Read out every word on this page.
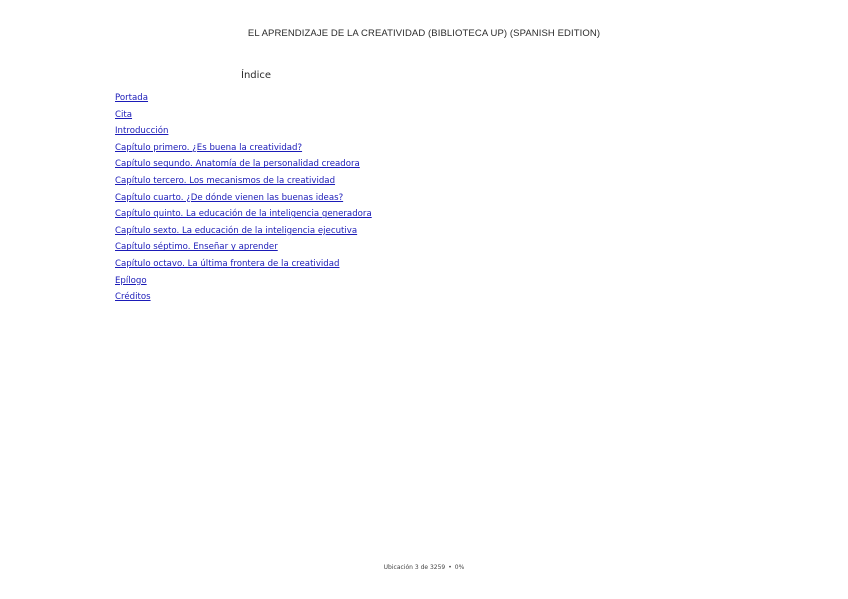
EL APRENDIZAJE DE LA CREATIVIDAD (BIBLIOTECA UP) (SPANISH EDITION)
Índice
Portada
Cita
Introducción
Capítulo primero. ¿Es buena la creatividad?
Capítulo segundo. Anatomía de la personalidad creadora
Capítulo tercero. Los mecanismos de la creatividad
Capítulo cuarto. ¿De dónde vienen las buenas ideas?
Capítulo quinto. La educación de la inteligencia generadora
Capítulo sexto. La educación de la inteligencia ejecutiva
Capítulo séptimo. Enseñar y aprender
Capítulo octavo. La última frontera de la creatividad
Epílogo
Créditos
Ubicación 3 de 3259 • 0%
